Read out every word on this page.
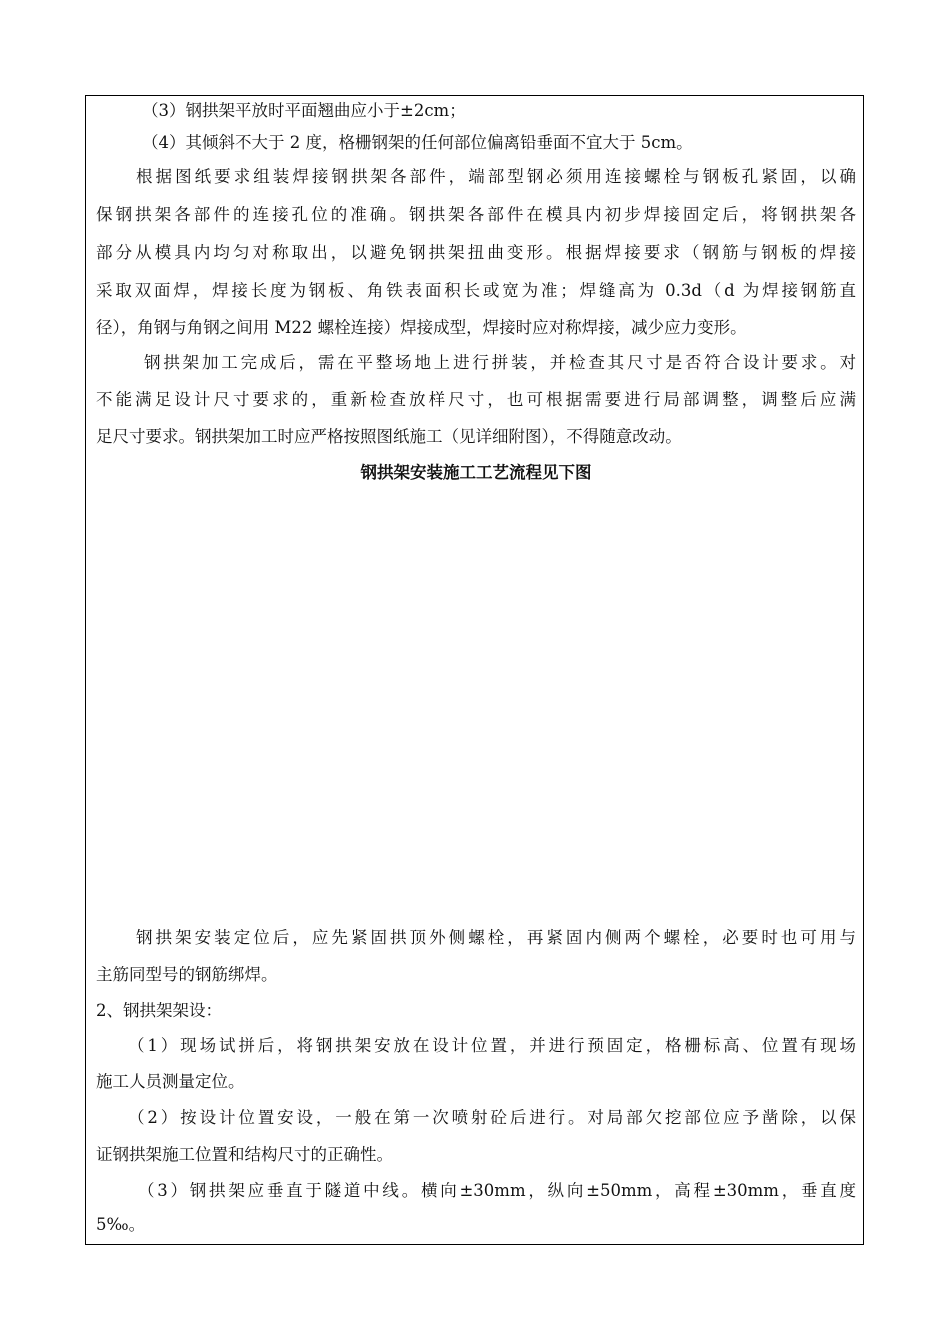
（3）钢拱架平放时平面翘曲应小于±2cm；
（4）其倾斜不大于 2 度，格栅钢架的任何部位偏离铅垂面不宜大于 5cm。
根据图纸要求组装焊接钢拱架各部件，端部型钢必须用连接螺栓与钢板孔紧固，以确
保钢拱架各部件的连接孔位的准确。钢拱架各部件在模具内初步焊接固定后，将钢拱架各
部分从模具内均匀对称取出，以避免钢拱架扭曲变形。根据焊接要求（钢筋与钢板的焊接
采取双面焊，焊接长度为钢板、角铁表面积长或宽为准；焊缝高为 0.3d（d 为焊接钢筋直
径），角钢与角钢之间用 M22 螺栓连接）焊接成型，焊接时应对称焊接，减少应力变形。
钢拱架加工完成后，需在平整场地上进行拼装，并检查其尺寸是否符合设计要求。对
不能满足设计尺寸要求的，重新检查放样尺寸，也可根据需要进行局部调整，调整后应满
足尺寸要求。钢拱架加工时应严格按照图纸施工（见详细附图），不得随意改动。
钢拱架安装施工工艺流程见下图
钢拱架安装定位后，应先紧固拱顶外侧螺栓，再紧固内侧两个螺栓，必要时也可用与
主筋同型号的钢筋绑焊。
2、钢拱架架设：
（1）现场试拼后，将钢拱架安放在设计位置，并进行预固定，格栅标高、位置有现场
施工人员测量定位。
（2）按设计位置安设，一般在第一次喷射砼后进行。对局部欠挖部位应予凿除，以保
证钢拱架施工位置和结构尺寸的正确性。
（3）钢拱架应垂直于隧道中线。横向±30mm，纵向±50mm，高程±30mm，垂直度
5‰。
